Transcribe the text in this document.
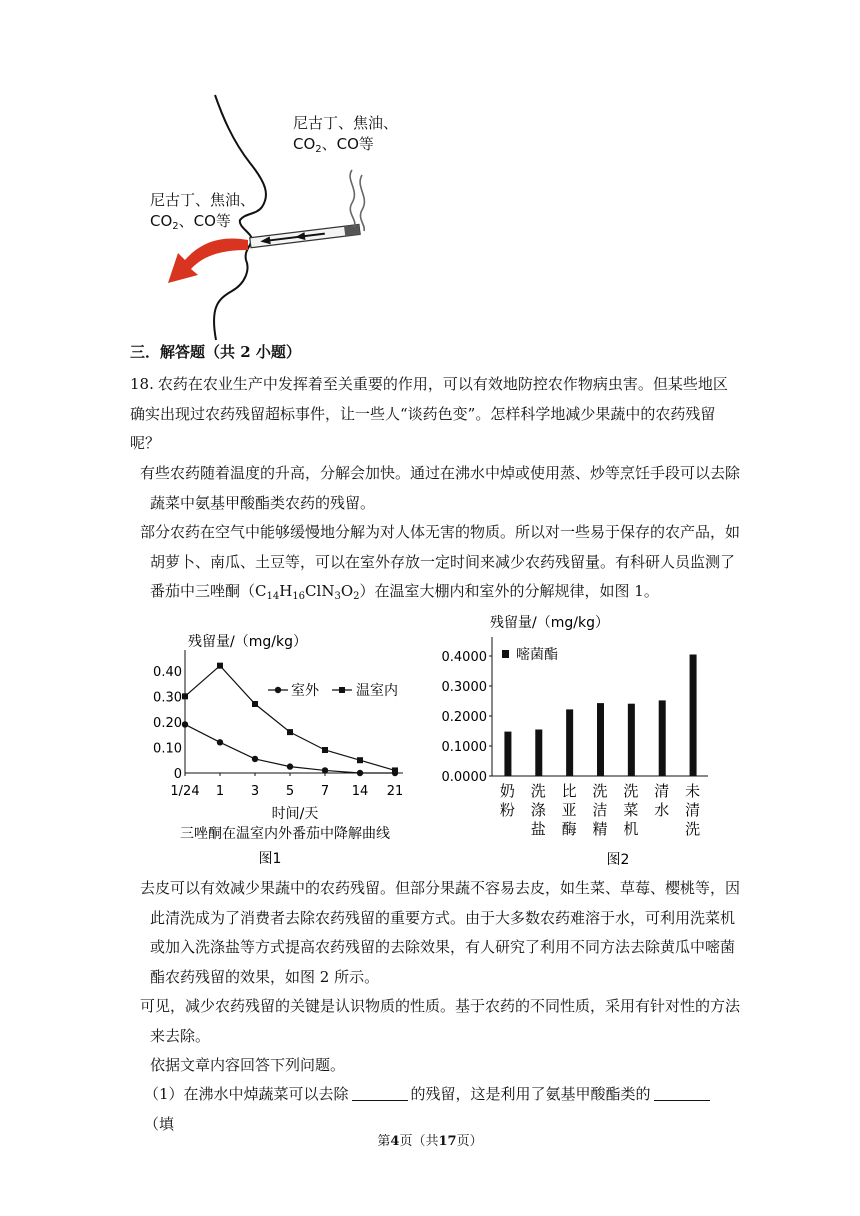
尼古丁、焦油、
$CO_2$、CO等
尼古丁、焦油、
$CO_2$、CO等
三．解答题（共 2 小题）
18. 农药在农业生产中发挥着至关重要的作用，可以有效地防控农作物病虫害。但某些地区确实出现过农药残留超标事件，让一些人“谈药色变”。怎样科学地减少果蔬中的农药残留呢？
有些农药随着温度的升高，分解会加快。通过在沸水中焯或使用蒸、炒等烹饪手段可以去除蔬菜中氨基甲酸酯类农药的残留。
部分农药在空气中能够缓慢地分解为对人体无害的物质。所以对一些易于保存的农产品，如胡萝卜、南瓜、土豆等，可以在室外存放一定时间来减少农药残留量。有科研人员监测了番茄中三唑酮$(C_{14}H_{16}ClN_3O_2)$在温室大棚内和室外的分解规律，如图 1。
残留量/（mg/kg）
0
0.10
0.20
0.30
0.40
1/24 1 3 5 7 14 21
室外	温室内
时间/天
三唑酮在温室内外番茄中降解曲线
图1
残留量/（mg/kg）
0.0000
0.1000
0.2000
0.3000
0.4000
奶
粉
洗
涤
盐
比
亚
酶
洗
洁
精
洗
菜
机
清
水
未
清
洗
嘧菌酯
图2
去皮可以有效减少果蔬中的农药残留。但部分果蔬不容易去皮，如生菜、草莓、樱桃等，因此清洗成为了消费者去除农药残留的重要方式。由于大多数农药难溶于水，可利用洗菜机或加入洗涤盐等方式提高农药残留的去除效果，有人研究了利用不同方法去除黄瓜中嘧菌酯农药残留的效果，如图 2 所示。
可见，减少农药残留的关键是认识物质的性质。基于农药的不同性质，采用有针对性的方法来去除。
依据文章内容回答下列问题。
（1）在沸水中焯蔬菜可以去除	的残留，这是利用了氨基甲酸酯类的（填
第4页（共17页）
